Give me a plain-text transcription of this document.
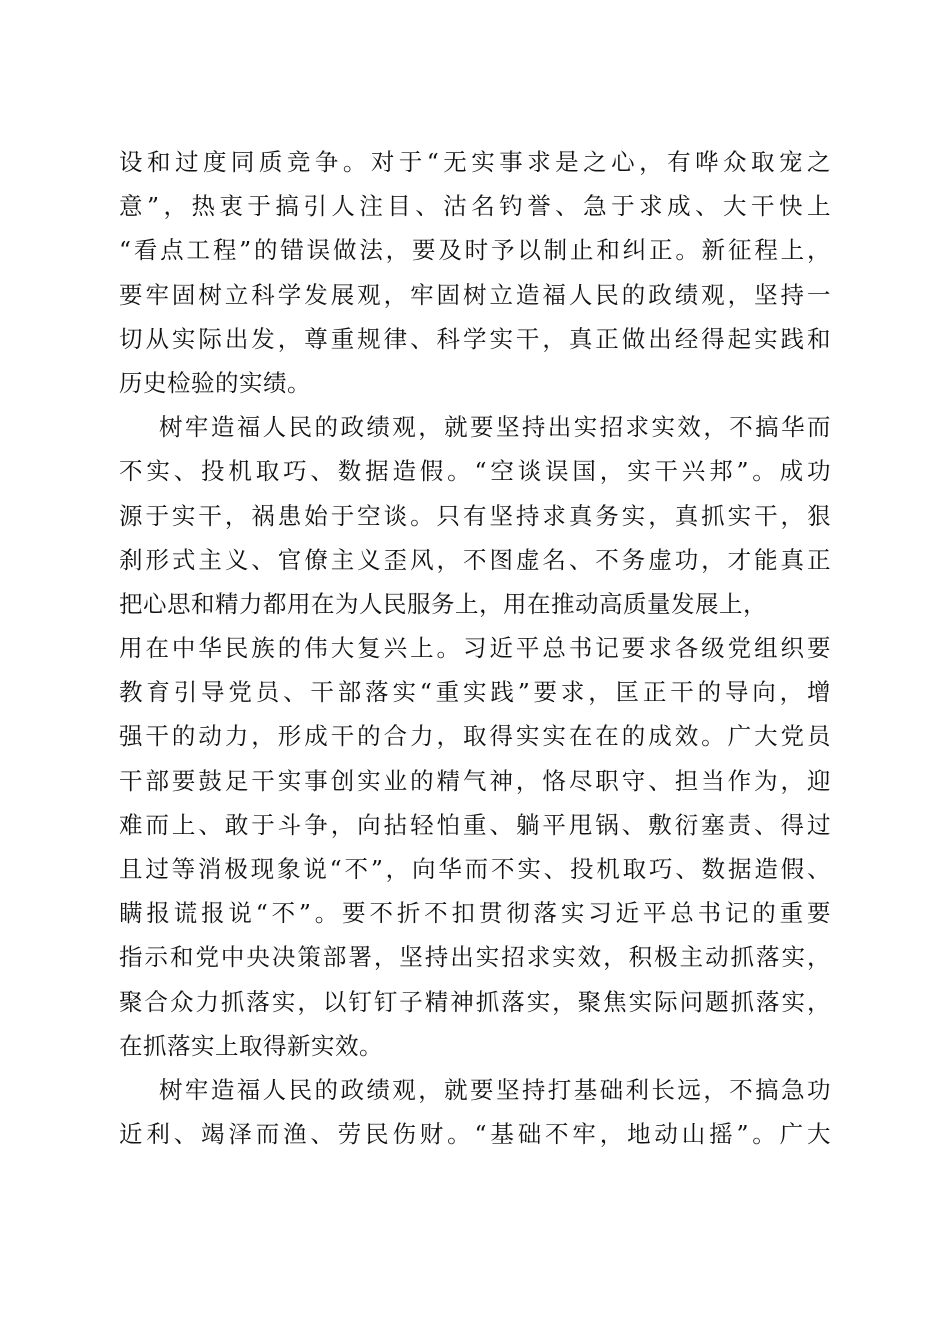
设和过度同质竞争。对于“无实事求是之心，有哗众取宠之
意”，热衷于搞引人注目、沽名钓誉、急于求成、大干快上
“看点工程”的错误做法，要及时予以制止和纠正。新征程上，
要牢固树立科学发展观，牢固树立造福人民的政绩观，坚持一
切从实际出发，尊重规律、科学实干，真正做出经得起实践和
历史检验的实绩。
树牢造福人民的政绩观，就要坚持出实招求实效，不搞华而
不实、投机取巧、数据造假。“空谈误国，实干兴邦”。成功
源于实干，祸患始于空谈。只有坚持求真务实，真抓实干，狠
刹形式主义、官僚主义歪风，不图虚名、不务虚功，才能真正
把心思和精力都用在为人民服务上，用在推动高质量发展上，
用在中华民族的伟大复兴上。习近平总书记要求各级党组织要
教育引导党员、干部落实“重实践”要求，匡正干的导向，增
强干的动力，形成干的合力，取得实实在在的成效。广大党员
干部要鼓足干实事创实业的精气神，恪尽职守、担当作为，迎
难而上、敢于斗争，向拈轻怕重、躺平甩锅、敷衍塞责、得过
且过等消极现象说“不”，向华而不实、投机取巧、数据造假、
瞒报谎报说“不”。要不折不扣贯彻落实习近平总书记的重要
指示和党中央决策部署，坚持出实招求实效，积极主动抓落实，
聚合众力抓落实，以钉钉子精神抓落实，聚焦实际问题抓落实，
在抓落实上取得新实效。
树牢造福人民的政绩观，就要坚持打基础利长远，不搞急功
近利、竭泽而渔、劳民伤财。“基础不牢，地动山摇”。广大
